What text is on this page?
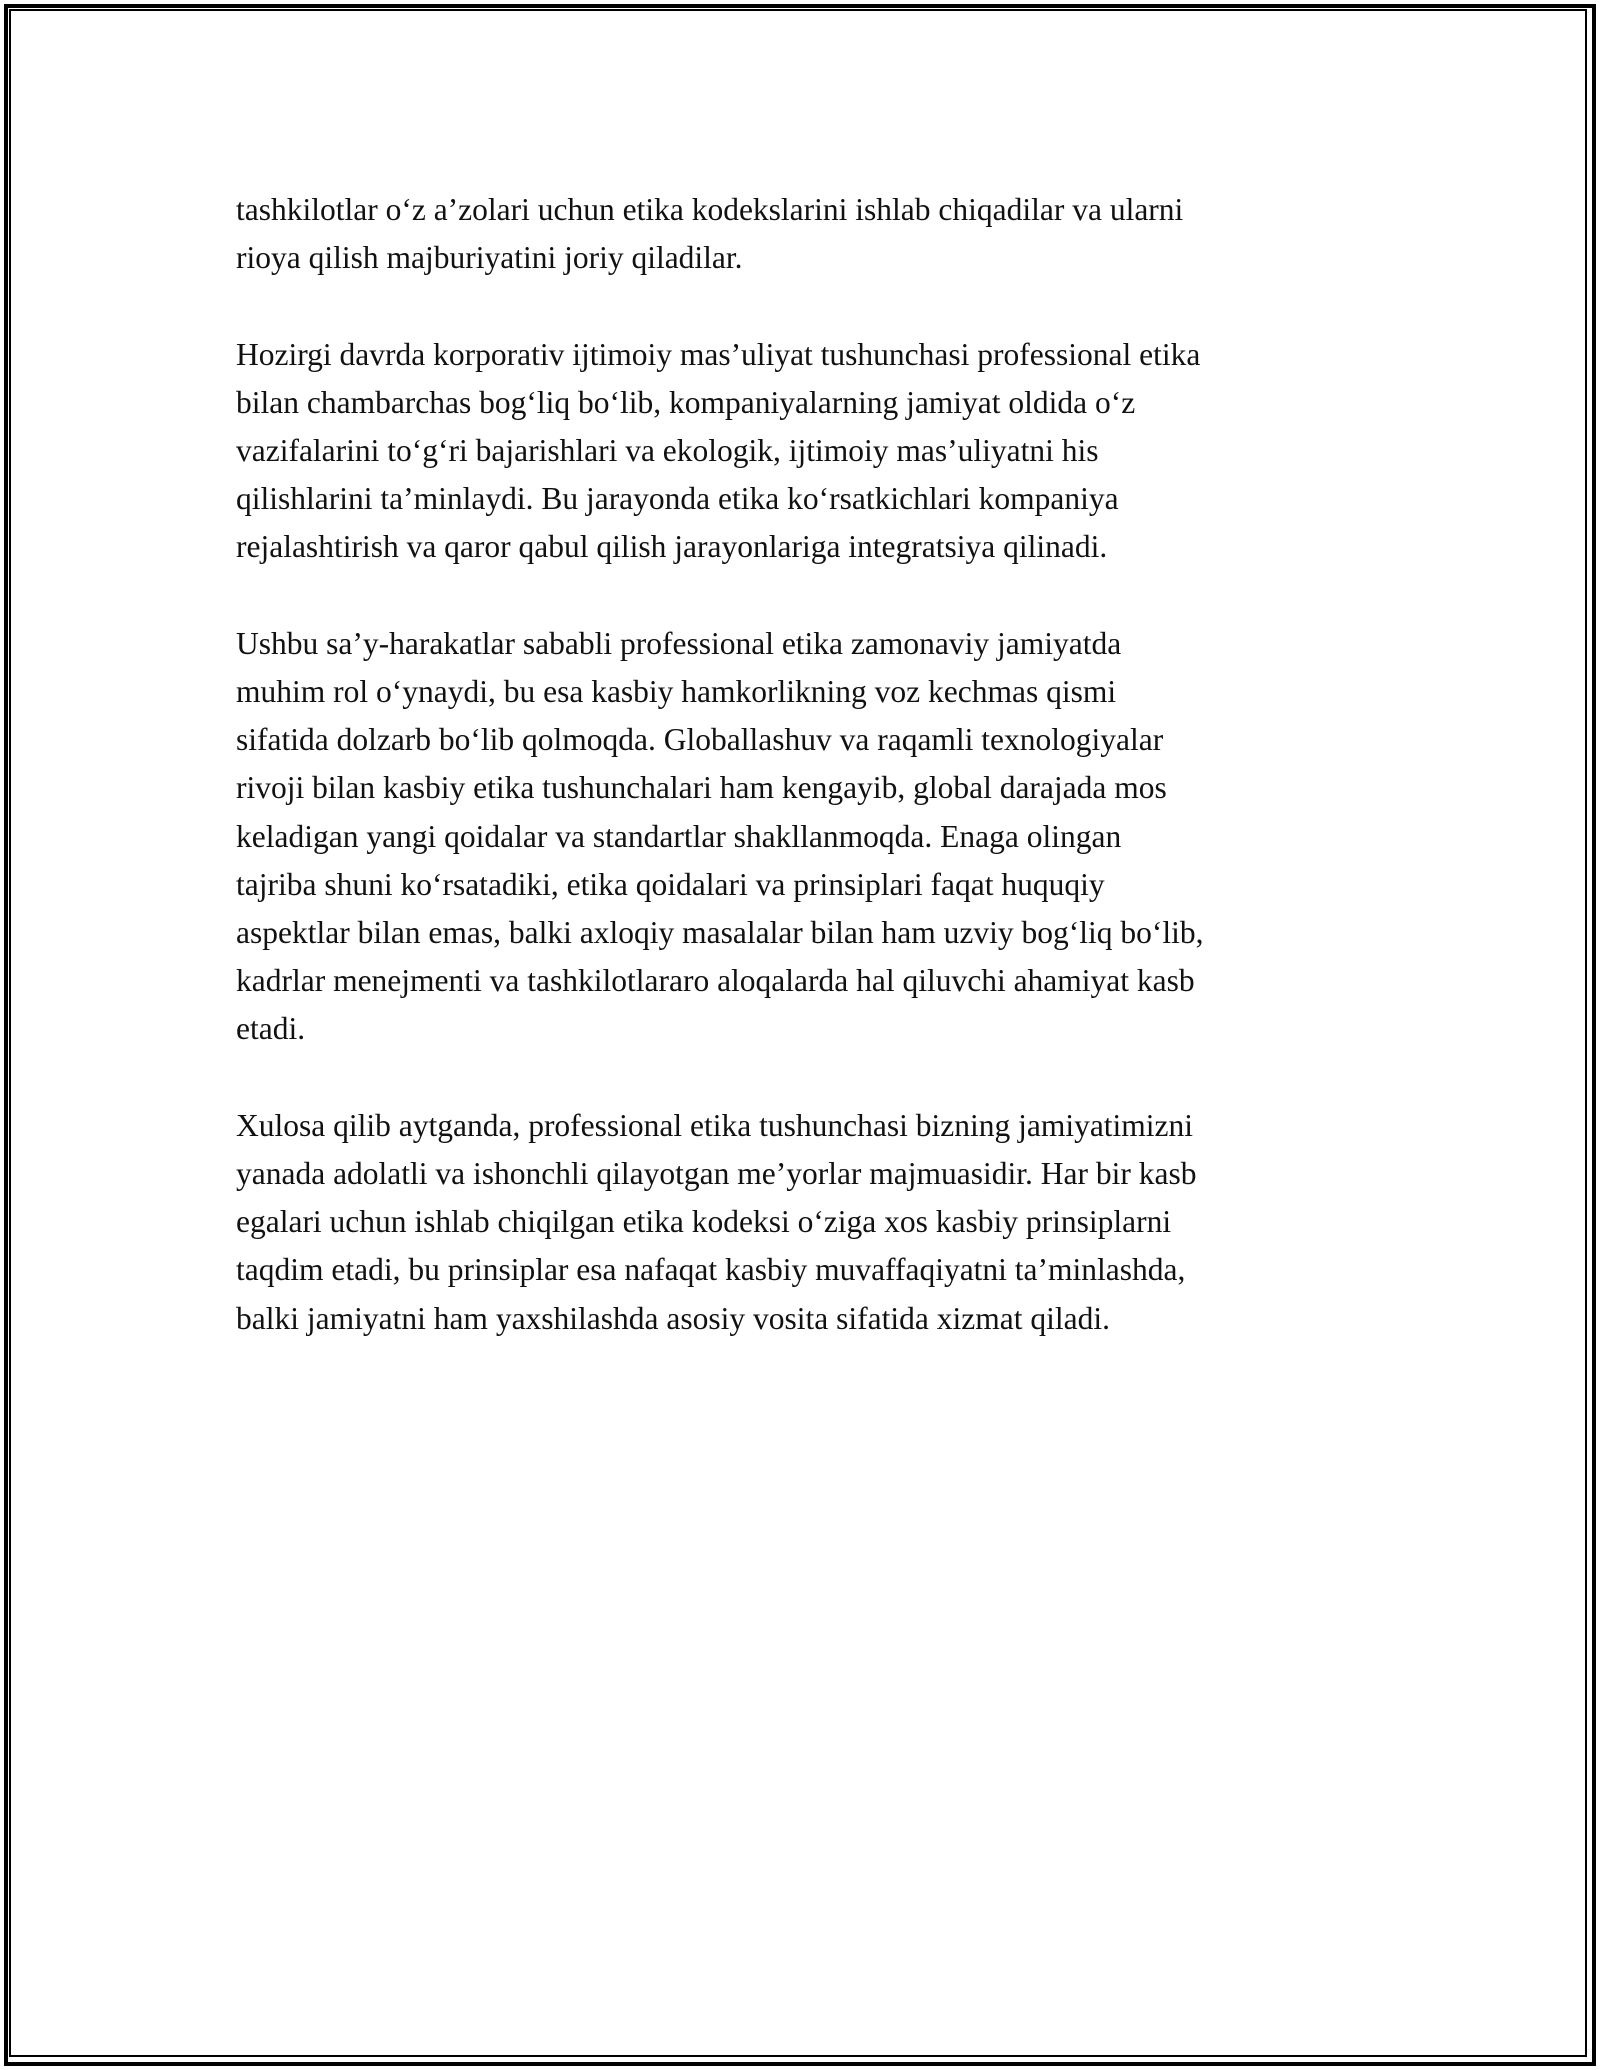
tashkilotlar o‘z a’zolari uchun etika kodekslarini ishlab chiqadilar va ularni
rioya qilish majburiyatini joriy qiladilar.

Hozirgi davrda korporativ ijtimoiy mas’uliyat tushunchasi professional etika
bilan chambarchas bog‘liq bo‘lib, kompaniyalarning jamiyat oldida o‘z
vazifalarini to‘g‘ri bajarishlari va ekologik, ijtimoiy mas’uliyatni his
qilishlarini ta’minlaydi. Bu jarayonda etika ko‘rsatkichlari kompaniya
rejalashtirish va qaror qabul qilish jarayonlariga integratsiya qilinadi.

Ushbu sa’y-harakatlar sababli professional etika zamonaviy jamiyatda
muhim rol o‘ynaydi, bu esa kasbiy hamkorlikning voz kechmas qismi
sifatida dolzarb bo‘lib qolmoqda. Globallashuv va raqamli texnologiyalar
rivoji bilan kasbiy etika tushunchalari ham kengayib, global darajada mos
keladigan yangi qoidalar va standartlar shakllanmoqda. Enaga olingan
tajriba shuni ko‘rsatadiki, etika qoidalari va prinsiplari faqat huquqiy
aspektlar bilan emas, balki axloqiy masalalar bilan ham uzviy bog‘liq bo‘lib,
kadrlar menejmenti va tashkilotlararo aloqalarda hal qiluvchi ahamiyat kasb
etadi.

Xulosa qilib aytganda, professional etika tushunchasi bizning jamiyatimizni
yanada adolatli va ishonchli qilayotgan me’yorlar majmuasidir. Har bir kasb
egalari uchun ishlab chiqilgan etika kodeksi o‘ziga xos kasbiy prinsiplarni
taqdim etadi, bu prinsiplar esa nafaqat kasbiy muvaffaqiyatni ta’minlashda,
balki jamiyatni ham yaxshilashda asosiy vosita sifatida xizmat qiladi.
